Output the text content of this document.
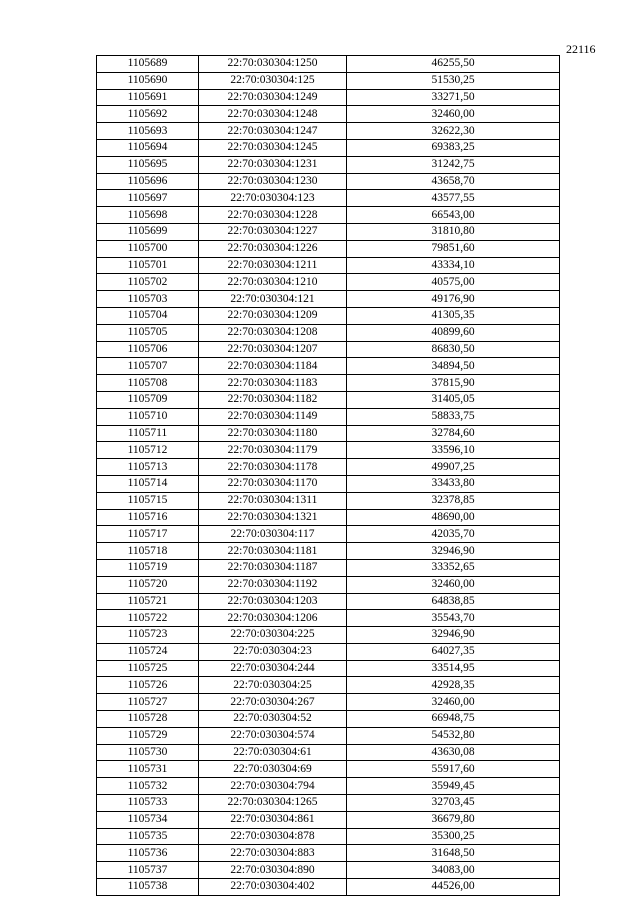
22116
1105689	22:70:030304:1250	46255,50
1105690	22:70:030304:125	51530,25
1105691	22:70:030304:1249	33271,50
1105692	22:70:030304:1248	32460,00
1105693	22:70:030304:1247	32622,30
1105694	22:70:030304:1245	69383,25
1105695	22:70:030304:1231	31242,75
1105696	22:70:030304:1230	43658,70
1105697	22:70:030304:123	43577,55
1105698	22:70:030304:1228	66543,00
1105699	22:70:030304:1227	31810,80
1105700	22:70:030304:1226	79851,60
1105701	22:70:030304:1211	43334,10
1105702	22:70:030304:1210	40575,00
1105703	22:70:030304:121	49176,90
1105704	22:70:030304:1209	41305,35
1105705	22:70:030304:1208	40899,60
1105706	22:70:030304:1207	86830,50
1105707	22:70:030304:1184	34894,50
1105708	22:70:030304:1183	37815,90
1105709	22:70:030304:1182	31405,05
1105710	22:70:030304:1149	58833,75
1105711	22:70:030304:1180	32784,60
1105712	22:70:030304:1179	33596,10
1105713	22:70:030304:1178	49907,25
1105714	22:70:030304:1170	33433,80
1105715	22:70:030304:1311	32378,85
1105716	22:70:030304:1321	48690,00
1105717	22:70:030304:117	42035,70
1105718	22:70:030304:1181	32946,90
1105719	22:70:030304:1187	33352,65
1105720	22:70:030304:1192	32460,00
1105721	22:70:030304:1203	64838,85
1105722	22:70:030304:1206	35543,70
1105723	22:70:030304:225	32946,90
1105724	22:70:030304:23	64027,35
1105725	22:70:030304:244	33514,95
1105726	22:70:030304:25	42928,35
1105727	22:70:030304:267	32460,00
1105728	22:70:030304:52	66948,75
1105729	22:70:030304:574	54532,80
1105730	22:70:030304:61	43630,08
1105731	22:70:030304:69	55917,60
1105732	22:70:030304:794	35949,45
1105733	22:70:030304:1265	32703,45
1105734	22:70:030304:861	36679,80
1105735	22:70:030304:878	35300,25
1105736	22:70:030304:883	31648,50
1105737	22:70:030304:890	34083,00
1105738	22:70:030304:402	44526,00
